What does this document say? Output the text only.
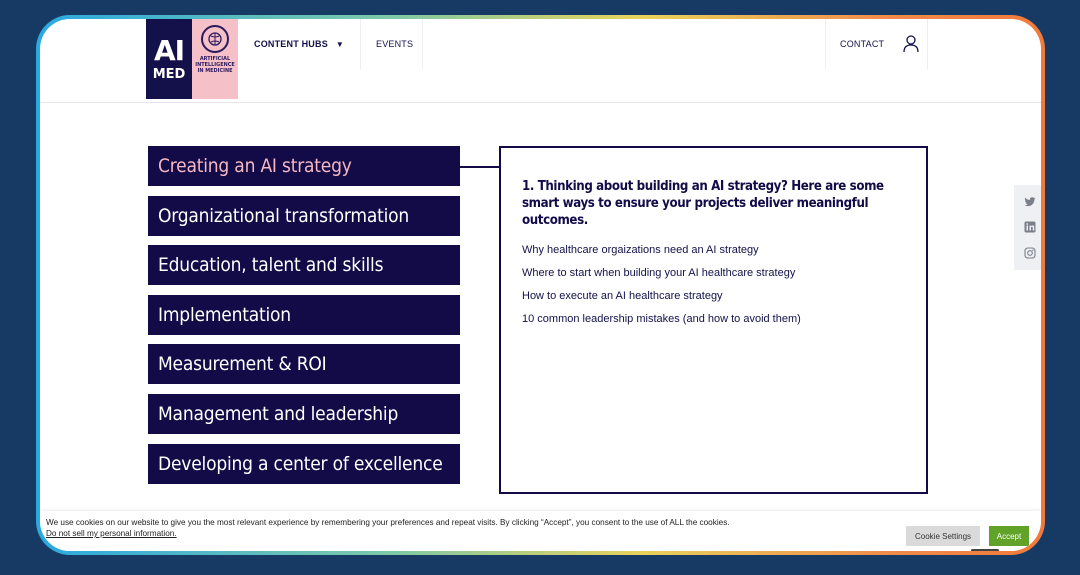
AI
MED
ARTIFICIAL INTELLIGENCE IN MEDICINE
CONTENT HUBS ▼	EVENTS	CONTACT
Creating an AI strategy
Organizational transformation
Education, talent and skills
Implementation
Measurement & ROI
Management and leadership
Developing a center of excellence
1. Thinking about building an AI strategy? Here are some smart ways to ensure your projects deliver meaningful outcomes.
Why healthcare orgaizations need an AI strategy
Where to start when building your AI healthcare strategy
How to execute an AI healthcare strategy
10 common leadership mistakes (and how to avoid them)
We use cookies on our website to give you the most relevant experience by remembering your preferences and repeat visits. By clicking “Accept”, you consent to the use of ALL the cookies.
Do not sell my personal information.	Cookie Settings	Accept
